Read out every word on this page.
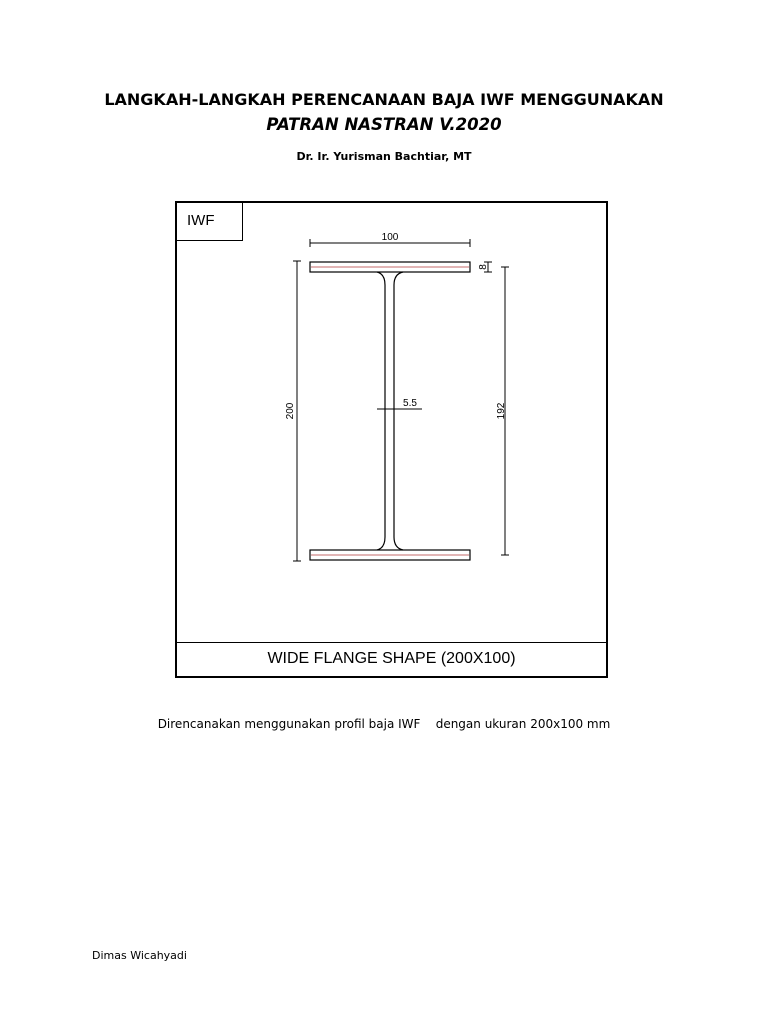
LANGKAH-LANGKAH PERENCANAAN BAJA IWF MENGGUNAKAN
PATRAN NASTRAN V.2020
Dr. Ir. Yurisman Bachtiar, MT
IWF
100
200	192
8
5.5
WIDE FLANGE SHAPE (200X100)
Direncanakan menggunakan profil baja IWF    dengan ukuran 200x100 mm
Dimas Wicahyadi
